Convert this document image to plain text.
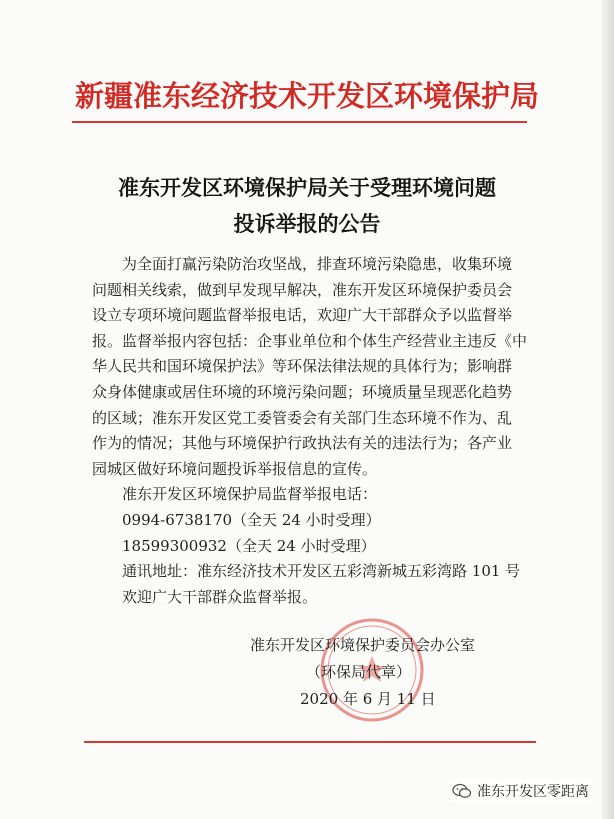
新疆准东经济技术开发区环境保护局
准东开发区环境保护局关于受理环境问题
投诉举报的公告
为全面打赢污染防治攻坚战，排查环境污染隐患，收集环境
问题相关线索，做到早发现早解决，准东开发区环境保护委员会
设立专项环境问题监督举报电话，欢迎广大干部群众予以监督举
报。监督举报内容包括：企事业单位和个体生产经营业主违反《中
华人民共和国环境保护法》等环保法律法规的具体行为；影响群
众身体健康或居住环境的环境污染问题；环境质量呈现恶化趋势
的区域；准东开发区党工委管委会有关部门生态环境不作为、乱
作为的情况；其他与环境保护行政执法有关的违法行为；各产业
园城区做好环境问题投诉举报信息的宣传。
准东开发区环境保护局监督举报电话：
0994-6738170（全天 24 小时受理）
18599300932（全天 24 小时受理）
通讯地址：准东经济技术开发区五彩湾新城五彩湾路 101 号
欢迎广大干部群众监督举报。
准东开发区环境保护委员会办公室
（环保局代章）
2020 年 6 月 11 日
准东开发区零距离
